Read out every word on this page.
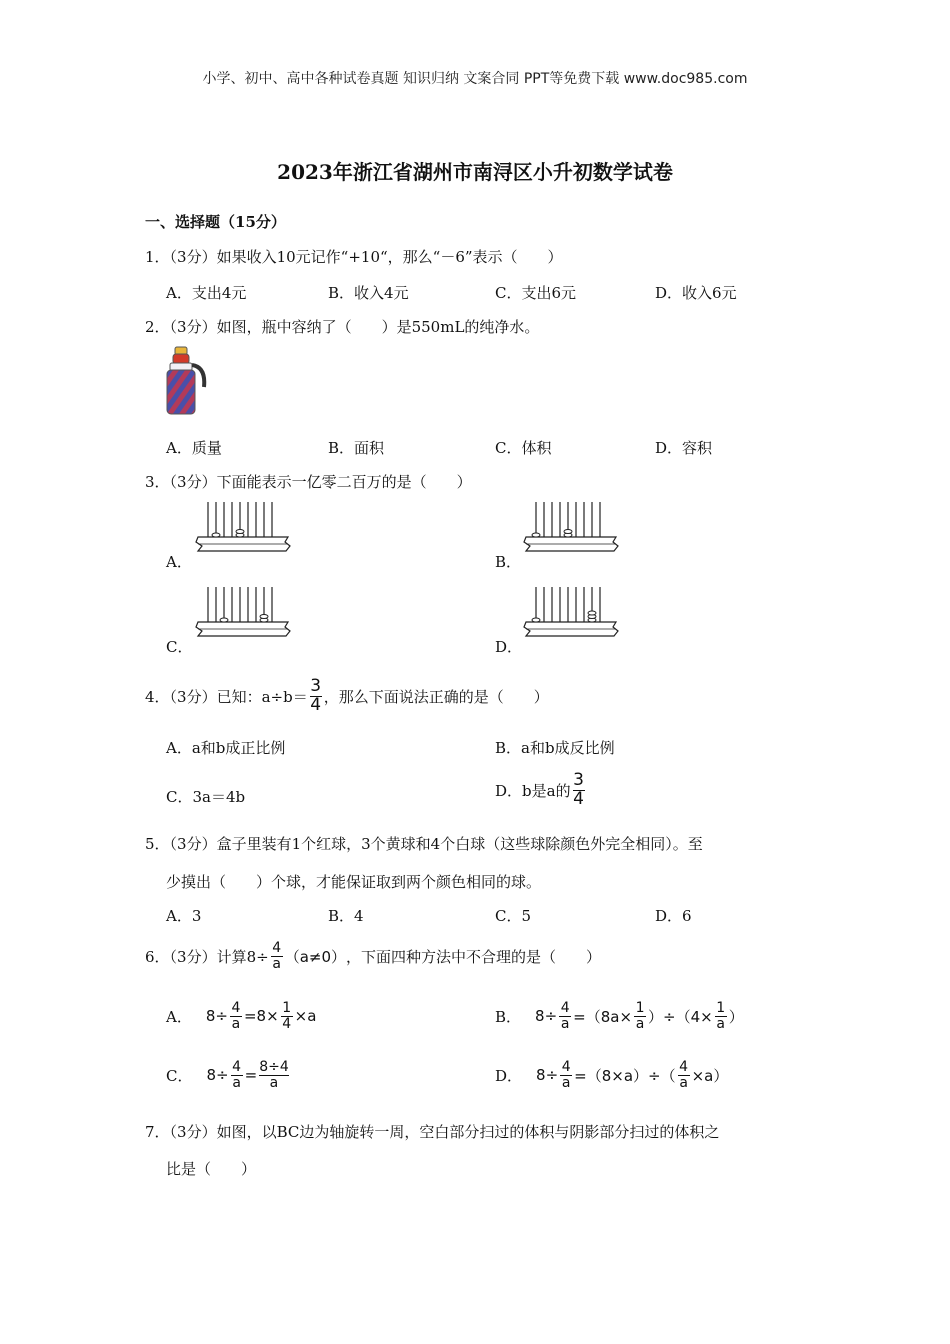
小学、初中、高中各种试卷真题 知识归纳 文案合同 PPT等免费下载 www.doc985.com
2023年浙江省湖州市南浔区小升初数学试卷
一、选择题（15分）
1．（3分）如果收入10元记作“+10“，那么“－6”表示（　　）
A．支出4元	B．收入4元	C．支出6元	D．收入6元
2．（3分）如图，瓶中容纳了（　　）是550mL的纯净水。
A．质量	B．面积	C．体积	D．容积
3．（3分）下面能表示一亿零二百万的是（　　）
A．	B．
C．	D．
4．（3分）已知：$a\div b= \frac{3}{4}$ ，那么下面说法正确的是（　　）
A．a和b成正比例	B．a和b成反比例
C．3a＝4b	D．b是a的 $\frac{3}{4}$
5．（3分）盒子里装有1个红球，3个黄球和4个白球（这些球除颜色外完全相同）。至
少摸出（　　）个球，才能保证取到两个颜色相同的球。
A．3	B．4	C．5	D．6
6．（3分）计算$8\div \frac{4}{a} (a\ne 0)$ ，下面四种方法中不合理的是（　　）
A． $8\div \frac{4}{a} =8\times \frac{1}{4} \times a$	B． $8\div \frac{4}{a} =(8a\times \frac{1}{a} )\div(4\times \frac{1}{a}$ ）
C． $8\div \frac{4}{a} = \frac{8\div 4}{a}$	D． $8\div \frac{4}{a} =(8\times a)\div( \frac{4}{a} \times a)$
7．（3分）如图，以BC边为轴旋转一周，空白部分扫过的体积与阴影部分扫过的体积之
比是（　　）
